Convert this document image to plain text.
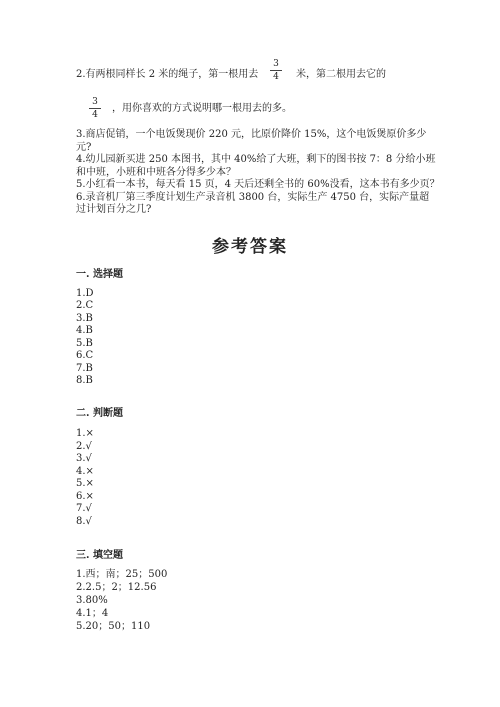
2.有两根同样长 2 米的绳子，第一根用去
3
4	米，第二根用去它的
3
4
，用你喜欢的方式说明哪一根用去的多。
3.商店促销，一个电饭煲现价 220 元，比原价降价 15%，这个电饭煲原价多少
元?
4.幼儿园新买进 250 本图书，其中 40%给了大班，剩下的图书按 7：8 分给小班
和中班，小班和中班各分得多少本？
5.小红看一本书，每天看 15 页，4 天后还剩全书的 60%没看，这本书有多少页？
6.录音机厂第三季度计划生产录音机 3800 台，实际生产 4750 台，实际产量超
过计划百分之几?
参考答案
一. 选择题
1.D
2.C
3.B
4.B
5.B
6.C
7.B
8.B
二. 判断题
1.×
2.√
3.√
4.×
5.×
6.×
7.√
8.√
三. 填空题
1.西；南；25；500
2.2.5；2；12.56
3.80%
4.1；4
5.20；50；110
